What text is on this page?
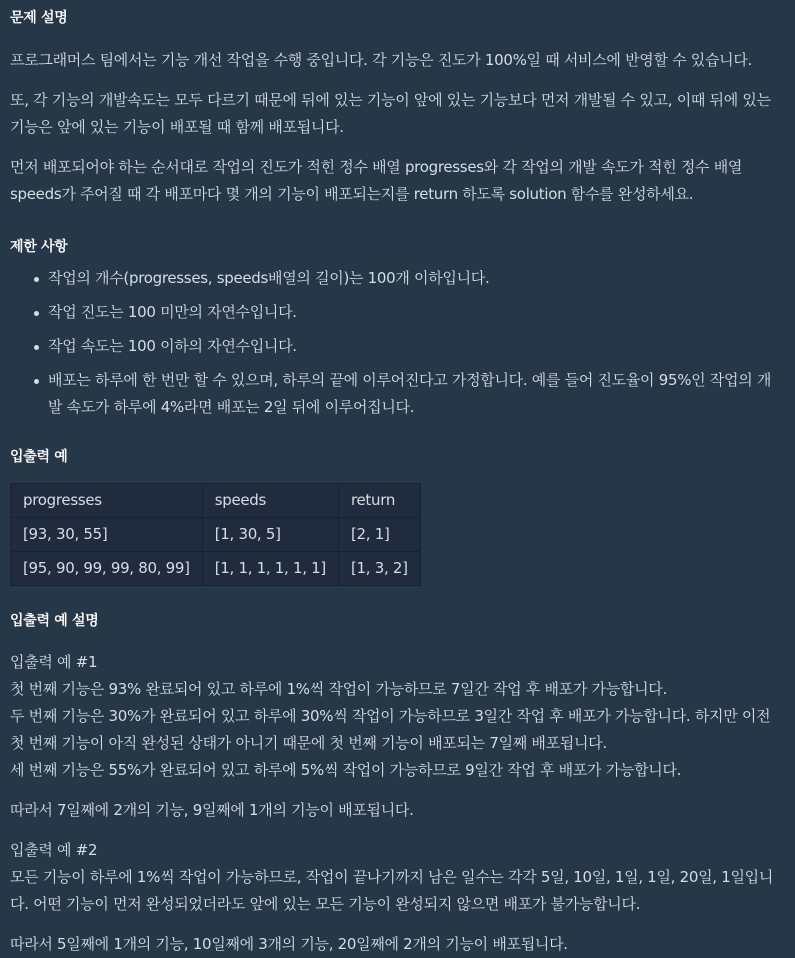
문제 설명

프로그래머스 팀에서는 기능 개선 작업을 수행 중입니다. 각 기능은 진도가 100%일 때 서비스에 반영할 수 있습니다.

또, 각 기능의 개발속도는 모두 다르기 때문에 뒤에 있는 기능이 앞에 있는 기능보다 먼저 개발될 수 있고, 이때 뒤에 있는 기능은 앞에 있는 기능이 배포될 때 함께 배포됩니다.

먼저 배포되어야 하는 순서대로 작업의 진도가 적힌 정수 배열 progresses와 각 작업의 개발 속도가 적힌 정수 배열 speeds가 주어질 때 각 배포마다 몇 개의 기능이 배포되는지를 return 하도록 solution 함수를 완성하세요.

제한 사항
작업의 개수(progresses, speeds배열의 길이)는 100개 이하입니다.
작업 진도는 100 미만의 자연수입니다.
작업 속도는 100 이하의 자연수입니다.
배포는 하루에 한 번만 할 수 있으며, 하루의 끝에 이루어진다고 가정합니다. 예를 들어 진도율이 95%인 작업의 개발 속도가 하루에 4%라면 배포는 2일 뒤에 이루어집니다.
입출력 예
progresses	speeds	return
[93, 30, 55]	[1, 30, 5]	[2, 1]
[95, 90, 99, 99, 80, 99]	[1, 1, 1, 1, 1, 1]	[1, 3, 2]
입출력 예 설명

입출력 예 #1

첫 번째 기능은 93% 완료되어 있고 하루에 1%씩 작업이 가능하므로 7일간 작업 후 배포가 가능합니다.

두 번째 기능은 30%가 완료되어 있고 하루에 30%씩 작업이 가능하므로 3일간 작업 후 배포가 가능합니다. 하지만 이전 첫 번째 기능이 아직 완성된 상태가 아니기 때문에 첫 번째 기능이 배포되는 7일째 배포됩니다.

세 번째 기능은 55%가 완료되어 있고 하루에 5%씩 작업이 가능하므로 9일간 작업 후 배포가 가능합니다.

따라서 7일째에 2개의 기능, 9일째에 1개의 기능이 배포됩니다.

입출력 예 #2

모든 기능이 하루에 1%씩 작업이 가능하므로, 작업이 끝나기까지 남은 일수는 각각 5일, 10일, 1일, 1일, 20일, 1일입니다. 어떤 기능이 먼저 완성되었더라도 앞에 있는 모든 기능이 완성되지 않으면 배포가 불가능합니다.

따라서 5일째에 1개의 기능, 10일째에 3개의 기능, 20일째에 2개의 기능이 배포됩니다.
